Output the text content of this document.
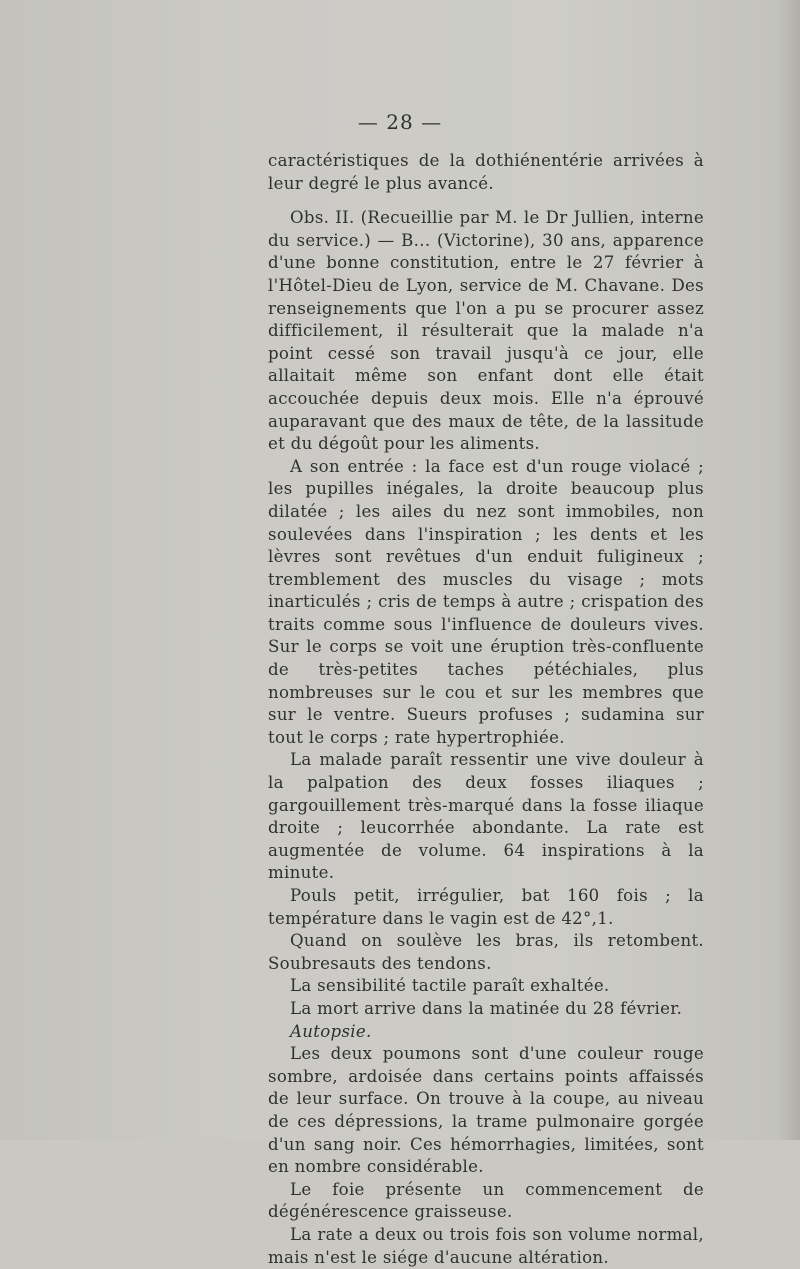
— 28 —

caractéristiques de la dothiénentérie arrivées à leur degré le plus avancé.

Obs. II. (Recueillie par M. le Dr Jullien, interne du service.) — B... (Victorine), 30 ans, apparence d'une bonne constitution, entre le 27 février à l'Hôtel-Dieu de Lyon, service de M. Chavane. Des renseignements que l'on a pu se procurer assez difficilement, il résulterait que la malade n'a point cessé son travail jusqu'à ce jour, elle allaitait même son enfant dont elle était accouchée depuis deux mois. Elle n'a éprouvé auparavant que des maux de tête, de la lassitude et du dégoût pour les aliments.

A son entrée : la face est d'un rouge violacé ; les pupilles inégales, la droite beaucoup plus dilatée ; les ailes du nez sont immobiles, non soulevées dans l'inspiration ; les dents et les lèvres sont revêtues d'un enduit fuligineux ; tremblement des muscles du visage ; mots inarticulés ; cris de temps à autre ; crispation des traits comme sous l'influence de douleurs vives. Sur le corps se voit une éruption très-confluente de très-petites taches pétéchiales, plus nombreuses sur le cou et sur les membres que sur le ventre. Sueurs profuses ; sudamina sur tout le corps ; rate hypertrophiée.

La malade paraît ressentir une vive douleur à la palpation des deux fosses iliaques ; gargouillement très-marqué dans la fosse iliaque droite ; leucorrhée abondante. La rate est augmentée de volume. 64 inspirations à la minute.

Pouls petit, irrégulier, bat 160 fois ; la température dans le vagin est de 42°,1.

Quand on soulève les bras, ils retombent. Soubresauts des tendons.

La sensibilité tactile paraît exhaltée.

La mort arrive dans la matinée du 28 février.

Autopsie.

Les deux poumons sont d'une couleur rouge sombre, ardoisée dans certains points affaissés de leur surface. On trouve à la coupe, au niveau de ces dépressions, la trame pulmonaire gorgée d'un sang noir. Ces hémorrhagies, limitées, sont en nombre considérable.

Le foie présente un commencement de dégénérescence graisseuse.

La rate a deux ou trois fois son volume normal, mais n'est le siége d'aucune altération.
